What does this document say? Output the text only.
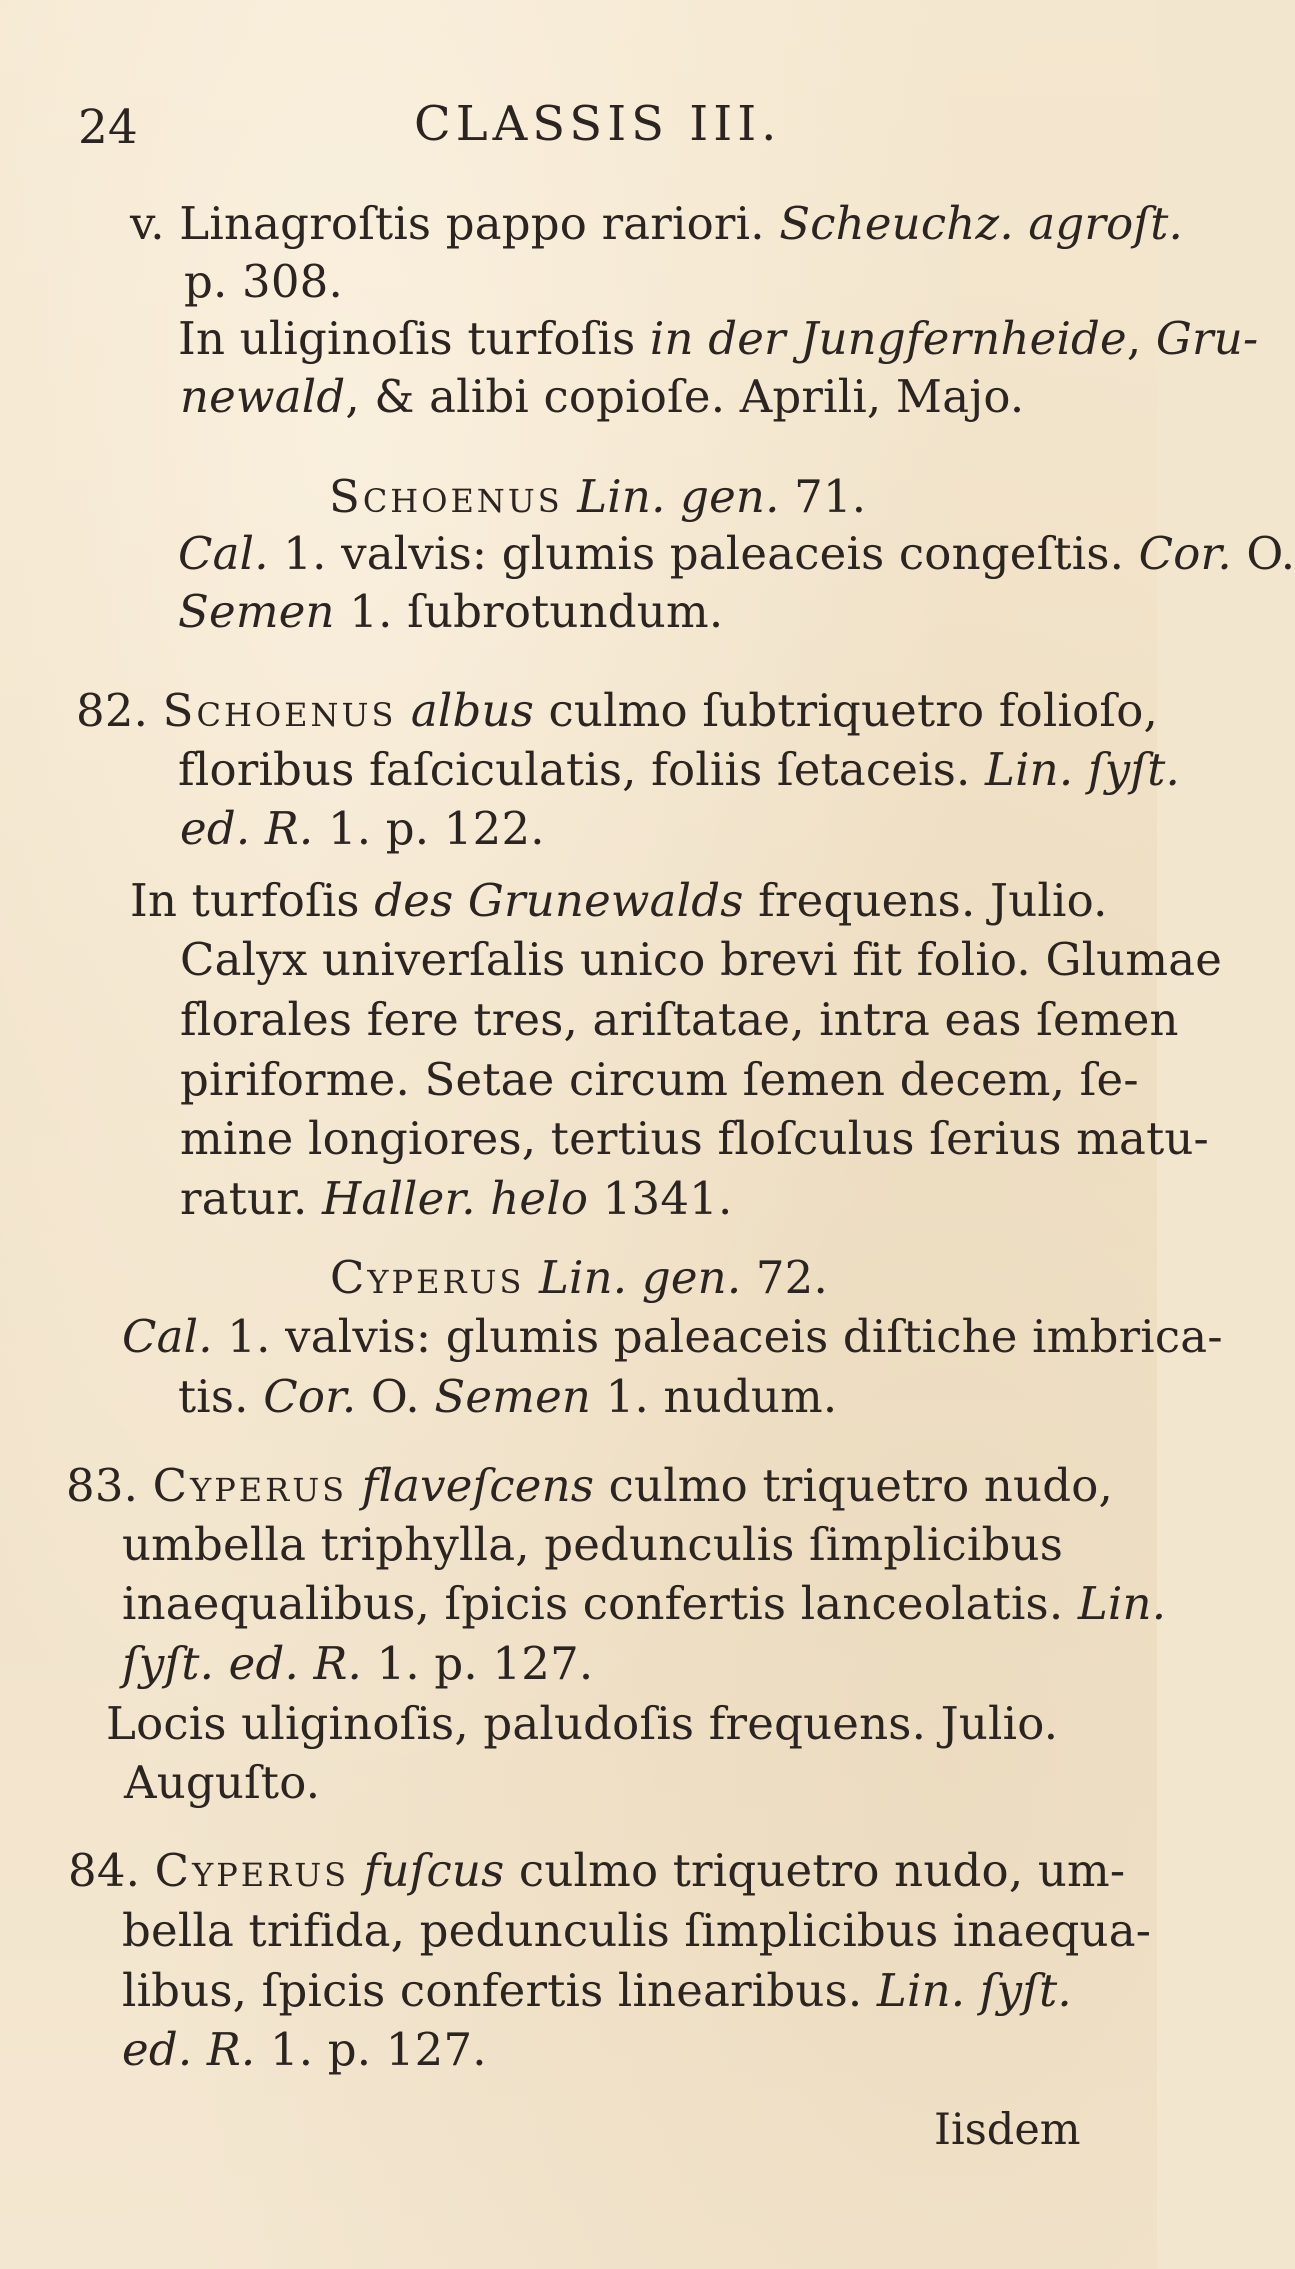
24	CLASSIS III.
v. Linagroſtis pappo rariori. Scheuchz. agroſt.
p. 308.
In uliginoſis turfoſis in der Jungfernheide, Gru-
newald, & alibi copioſe. Aprili, Majo.
Schoenus Lin. gen. 71.
Cal. 1. valvis: glumis paleaceis congeſtis. Cor. O.
Semen 1. ſubrotundum.
82. Schoenus albus culmo ſubtriquetro folioſo,
floribus faſciculatis, foliis ſetaceis. Lin. ſyſt.
ed. R. 1. p. 122.
In turfoſis des Grunewalds frequens. Julio.
Calyx univerſalis unico brevi fit folio. Glumae
florales fere tres, ariſtatae, intra eas ſemen
piriforme. Setae circum ſemen decem, ſe-
mine longiores, tertius floſculus ſerius matu-
ratur. Haller. helo 1341.
Cyperus Lin. gen. 72.
Cal. 1. valvis: glumis paleaceis diſtiche imbrica-
tis. Cor. O. Semen 1. nudum.
83. Cyperus flaveſcens culmo triquetro nudo,
umbella triphylla, pedunculis ſimplicibus
inaequalibus, ſpicis confertis lanceolatis. Lin.
ſyſt. ed. R. 1. p. 127.
Locis uliginoſis, paludoſis frequens. Julio.
Auguſto.
84. Cyperus fuſcus culmo triquetro nudo, um-
bella trifida, pedunculis ſimplicibus inaequa-
libus, ſpicis confertis linearibus. Lin. ſyſt.
ed. R. 1. p. 127.
Iisdem
